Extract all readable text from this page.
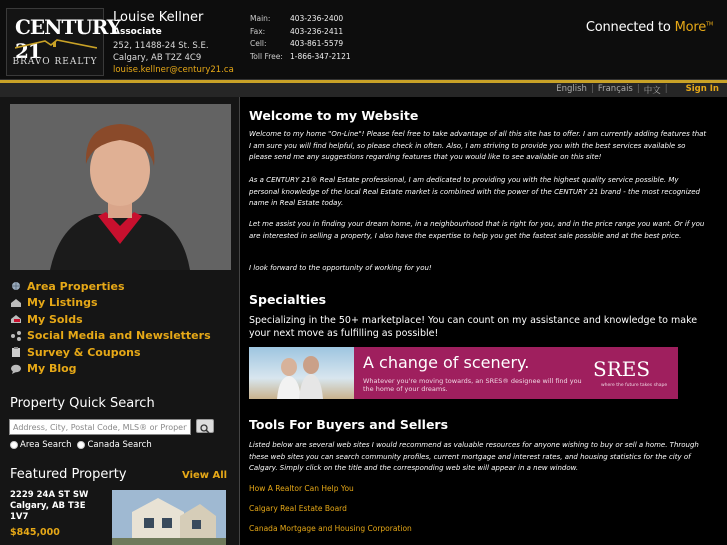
CENTURY 21
BRAVO REALTY
Louise Kellner
Associate
252, 11488-24 St. S.E.
Calgary, AB T2Z 4C9
louise.kellner@century21.ca
Main:	403-236-2400
Fax:	403-236-2411
Cell:	403-861-5579
Toll Free: 1-866-347-2121
Connected to More™
English | Français | 中文 | Sign In
Area Properties
My Listings
My Solds
Social Media and Newsletters
Survey & Coupons
My Blog
Property Quick Search
Address, City, Postal Code, MLS® or Property ID
Area Search	Canada Search
Featured Property	View All
2229 24A ST SW Calgary, AB T3E 1V7
$845,000
Welcome to my Website
Welcome to my home "On-Line"! Please feel free to take advantage of all this site has to offer. I am currently adding features that I am sure you will find helpful, so please check in often. Also, I am striving to provide you with the best services available so please send me any suggestions regarding features that you would like to see available on this site!
As a CENTURY 21® Real Estate professional, I am dedicated to providing you with the highest quality service possible. My personal knowledge of the local Real Estate market is combined with the power of the CENTURY 21 brand - the most recognized name in Real Estate today.
Let me assist you in finding your dream home, in a neighbourhood that is right for you, and in the price range you want. Or if you are interested in selling a property, I also have the expertise to help you get the fastest sale possible and at the best price.
I look forward to the opportunity of working for you!
Specialties
Specializing in the 50+ marketplace! You can count on my assistance and knowledge to make your next move as fulfilling as possible!
A change of scenery.
Whatever you're moving towards, an SRES® designee will find you the home of your dreams.
SRES
where the future takes shape
Tools For Buyers and Sellers
Listed below are several web sites I would recommend as valuable resources for anyone wishing to buy or sell a home. Through these web sites you can search community profiles, current mortgage and interest rates, and housing statistics for the city of Calgary. Simply click on the title and the corresponding web site will appear in a new window.
How A Realtor Can Help You
Calgary Real Estate Board
Canada Mortgage and Housing Corporation
